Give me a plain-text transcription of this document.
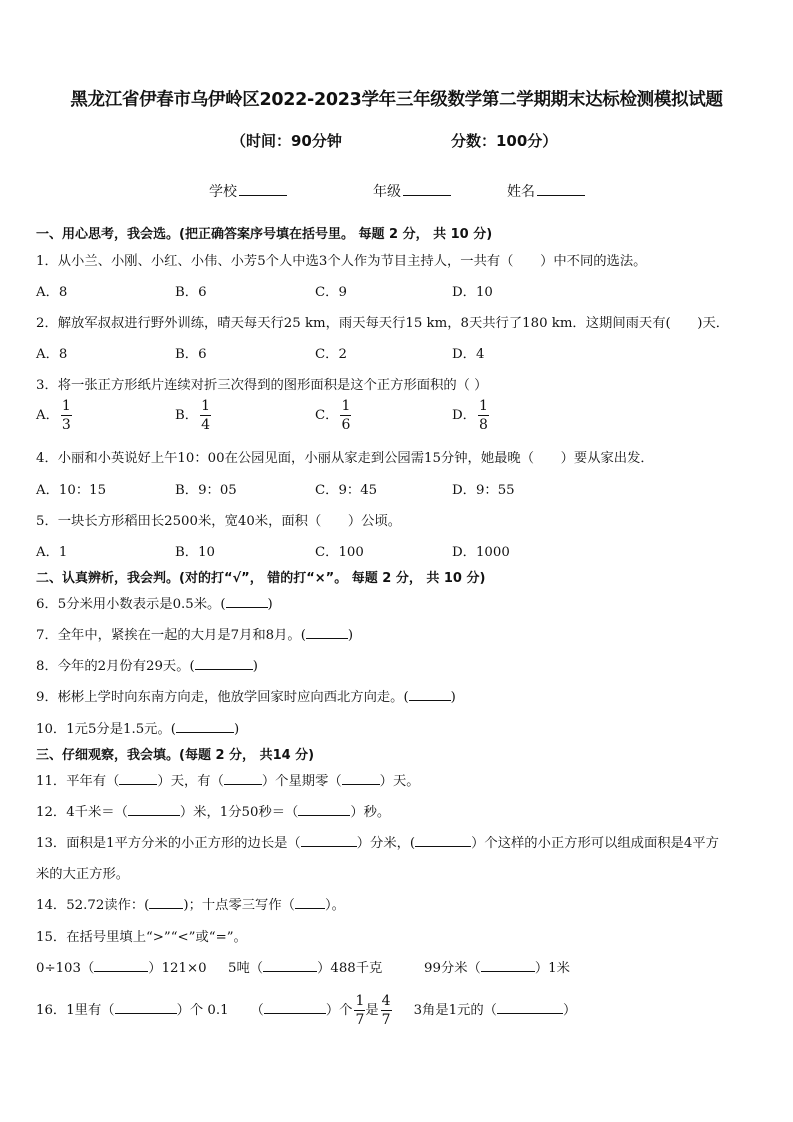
黑龙江省伊春市乌伊岭区2022-2023学年三年级数学第二学期期末达标检测模拟试题
（时间：90分钟	分数：100分）
学校	年级	姓名
一、用心思考，我会选。(把正确答案序号填在括号里。 每题 2 分， 共 10 分)
1．从小兰、小刚、小红、小伟、小芳5个人中选3个人作为节目主持人，一共有（　　）中不同的选法。
A．8	B．6	C．9	D．10
2．解放军叔叔进行野外训练，晴天每天行25 km，雨天每天行15 km，8天共行了180 km．这期间雨天有(　　)天．
A．8	B．6	C．2	D．4
3．将一张正方形纸片连续对折三次得到的图形面积是这个正方形面积的（ ）
A． $\frac{1}{3}$	B． $\frac{1}{4}$	C． $\frac{1}{6}$	D． $\frac{1}{8}$
4．小丽和小英说好上午10：00在公园见面，小丽从家走到公园需15分钟，她最晚（　　）要从家出发．
A．10：15	B．9：05	C．9：45	D．9：55
5．一块长方形稻田长2500米，宽40米，面积（　　）公顷。
A．1	B．10	C．100	D．1000
二、认真辨析，我会判。(对的打“√”， 错的打“×”。 每题 2 分， 共 10 分)
6．5分米用小数表示是0.5米。(	)
7．全年中，紧挨在一起的大月是7月和8月。(	)
8．今年的2月份有29天。(	)
9．彬彬上学时向东南方向走，他放学回家时应向西北方向走。(	)
10．1元5分是1.5元。(	)
三、仔细观察，我会填。(每题 2 分， 共14 分)
11．平年有（	）天，有（	）个星期零（	）天。
12．4千米＝（	）米，1分50秒＝（	）秒。
13．面积是1平方分米的小正方形的边长是（	）分米，(	）个这样的小正方形可以组成面积是4平方
米的大正方形。
14．52.72读作：(	)；十点零三写作（ ）。
15．在括号里填上“>”“<”或“=”。
0÷103（	）121×0 5吨（	）488千克	99分米（	）1米
16．1里有（	）个 0.1 （	）个 $\frac{1}{7}$ 是 $\frac{4}{7} 3$角是1元的（	）
